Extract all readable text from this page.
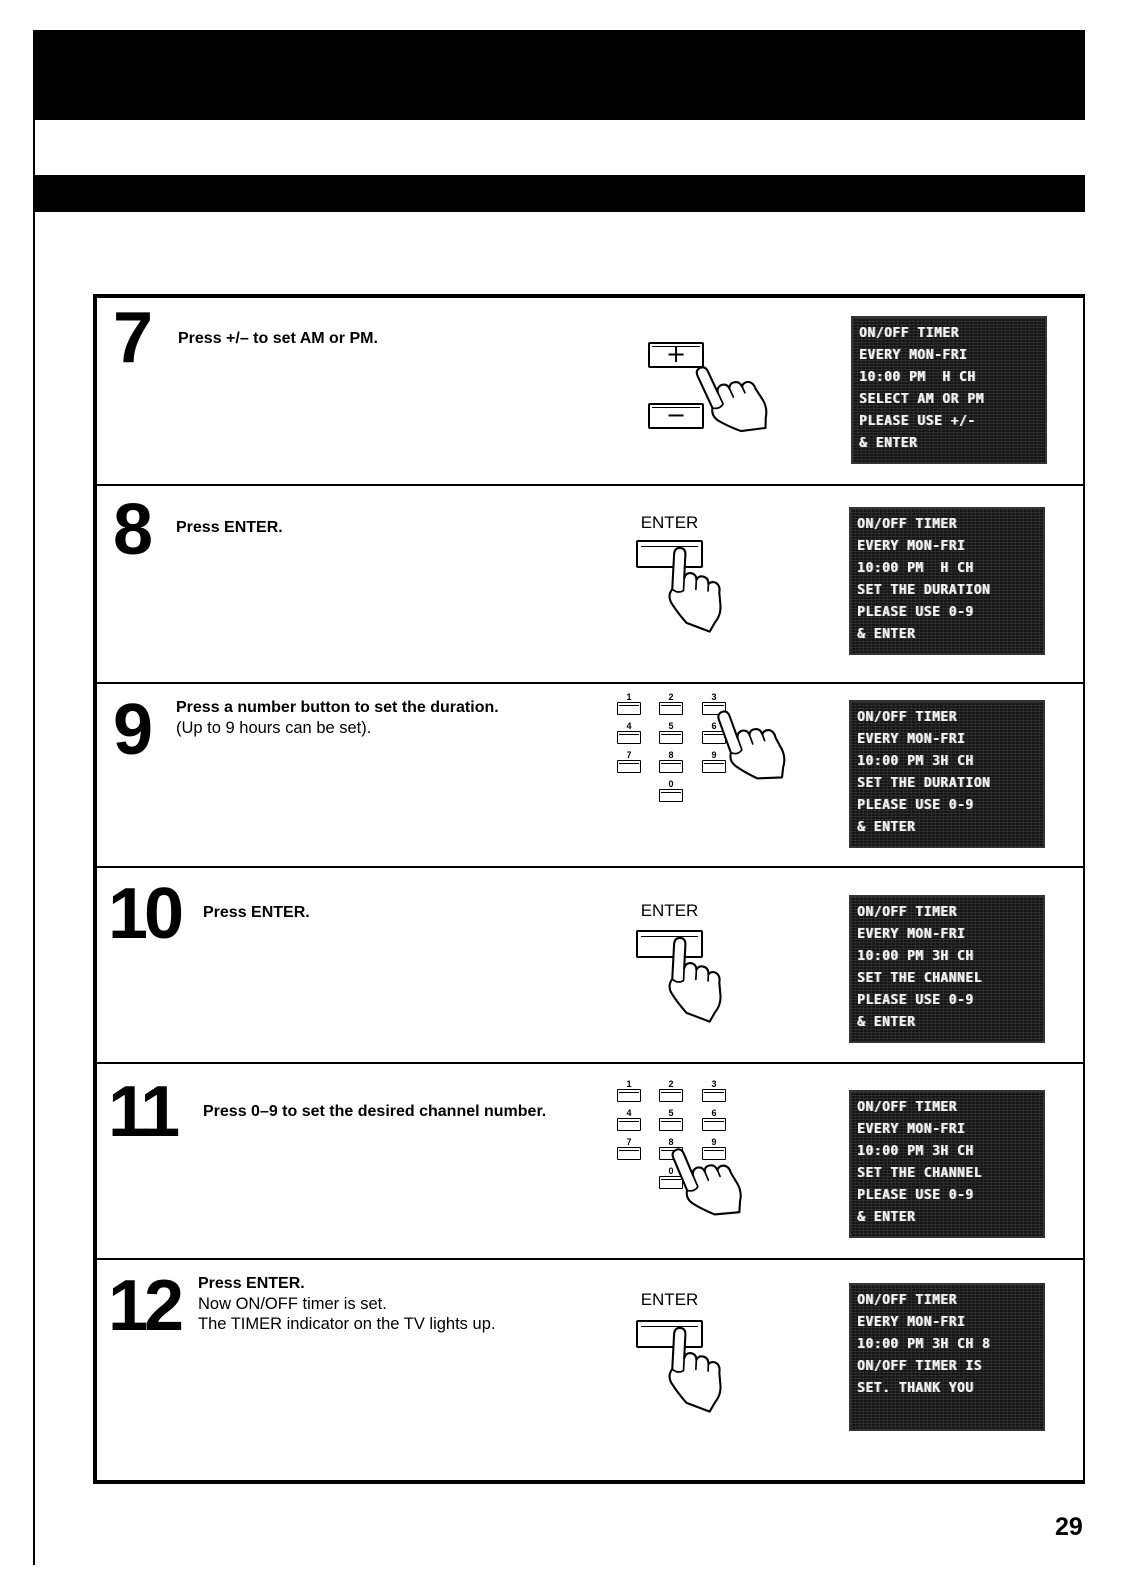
7 Press +/– to set AM or PM.
+
−
ON/OFF TIMER
EVERY MON-FRI
10:00 PM  H CH
SELECT AM OR PM
PLEASE USE +/-
& ENTER
8 Press ENTER.	ENTER	ON/OFF TIMER
EVERY MON-FRI
10:00 PM  H CH
SET THE DURATION
PLEASE USE 0-9
& ENTER
9 Press a number button to set the duration.
(Up to 9 hours can be set).
1	2	3
4	5	6
7	8	9
0
ON/OFF TIMER
EVERY MON-FRI
10:00 PM 3H CH
SET THE DURATION
PLEASE USE 0-9
& ENTER
10 Press ENTER.	ENTER	ON/OFF TIMER
EVERY MON-FRI
10:00 PM 3H CH
SET THE CHANNEL
PLEASE USE 0-9
& ENTER
11 Press 0–9 to set the desired channel number.
1	2	3
4	5	6
7	8	9
0
ON/OFF TIMER
EVERY MON-FRI
10:00 PM 3H CH
SET THE CHANNEL
PLEASE USE 0-9
& ENTER
12 Press ENTER.
Now ON/OFF timer is set.
The TIMER indicator on the TV lights up.
ENTER	ON/OFF TIMER
EVERY MON-FRI
10:00 PM 3H CH 8
ON/OFF TIMER IS
SET. THANK YOU
29
